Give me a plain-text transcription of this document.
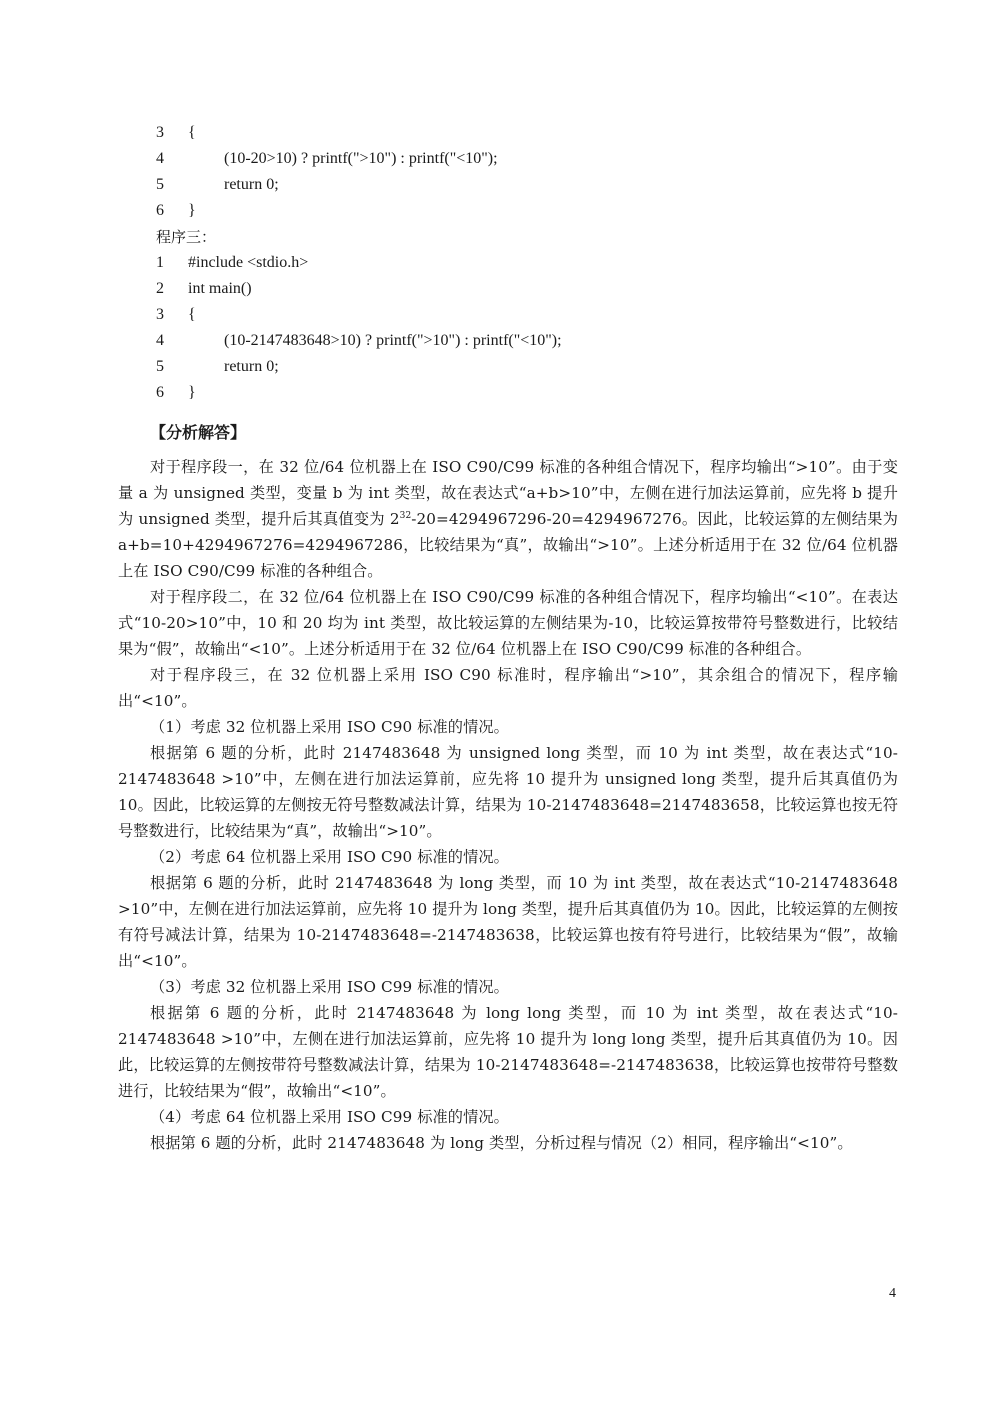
3 {
4	(10-20>10) ? printf(">10") : printf("<10");
5	return 0;
6 }
程序三：
1 #include <stdio.h>
2 int main()
3 {
4	(10-2147483648>10) ? printf(">10") : printf("<10");
5	return 0;
6 }
【分析解答】

对于程序段一，在 32 位/64 位机器上在 ISO C90/C99 标准的各种组合情况下，程序均输出“>10”。由于变量 a 为 unsigned 类型，变量 b 为 int 类型，故在表达式“a+b>10”中，左侧在进行加法运算前，应先将 b 提升为 unsigned 类型，提升后其真值变为 $2^{32}-20=4294967296-20=4294967276$。因此，比较运算的左侧结果为 a+b=10+4294967276=4294967286，比较结果为“真”，故输出“>10”。上述分析适用于在 32 位/64 位机器上在 ISO C90/C99 标准的各种组合。

对于程序段二，在 32 位/64 位机器上在 ISO C90/C99 标准的各种组合情况下，程序均输出“<10”。在表达式“10-20>10”中，10 和 20 均为 int 类型，故比较运算的左侧结果为-10，比较运算按带符号整数进行，比较结果为“假”，故输出“<10”。上述分析适用于在 32 位/64 位机器上在 ISO C90/C99 标准的各种组合。

对于程序段三，在 32 位机器上采用 ISO C90 标准时，程序输出“>10”，其余组合的情况下，程序输出“<10”。

（1）考虑 32 位机器上采用 ISO C90 标准的情况。

根据第 6 题的分析，此时 2147483648 为 unsigned long 类型，而 10 为 int 类型，故在表达式“10-2147483648 >10”中，左侧在进行加法运算前，应先将 10 提升为 unsigned long 类型，提升后其真值仍为 10。因此，比较运算的左侧按无符号整数减法计算，结果为 10-2147483648=2147483658，比较运算也按无符号整数进行，比较结果为“真”，故输出“>10”。

（2）考虑 64 位机器上采用 ISO C90 标准的情况。

根据第 6 题的分析，此时 2147483648 为 long 类型，而 10 为 int 类型，故在表达式“10-2147483648 >10”中，左侧在进行加法运算前，应先将 10 提升为 long 类型，提升后其真值仍为 10。因此，比较运算的左侧按有符号减法计算，结果为 10-2147483648=-2147483638，比较运算也按有符号进行，比较结果为“假”，故输出“<10”。

（3）考虑 32 位机器上采用 ISO C99 标准的情况。

根据第 6 题的分析，此时 2147483648 为 long long 类型，而 10 为 int 类型，故在表达式“10-2147483648 >10”中，左侧在进行加法运算前，应先将 10 提升为 long long 类型，提升后其真值仍为 10。因此，比较运算的左侧按带符号整数减法计算，结果为 10-2147483648=-2147483638，比较运算也按带符号整数进行，比较结果为“假”，故输出“<10”。

（4）考虑 64 位机器上采用 ISO C99 标准的情况。

根据第 6 题的分析，此时 2147483648 为 long 类型，分析过程与情况（2）相同，程序输出“<10”。

4
